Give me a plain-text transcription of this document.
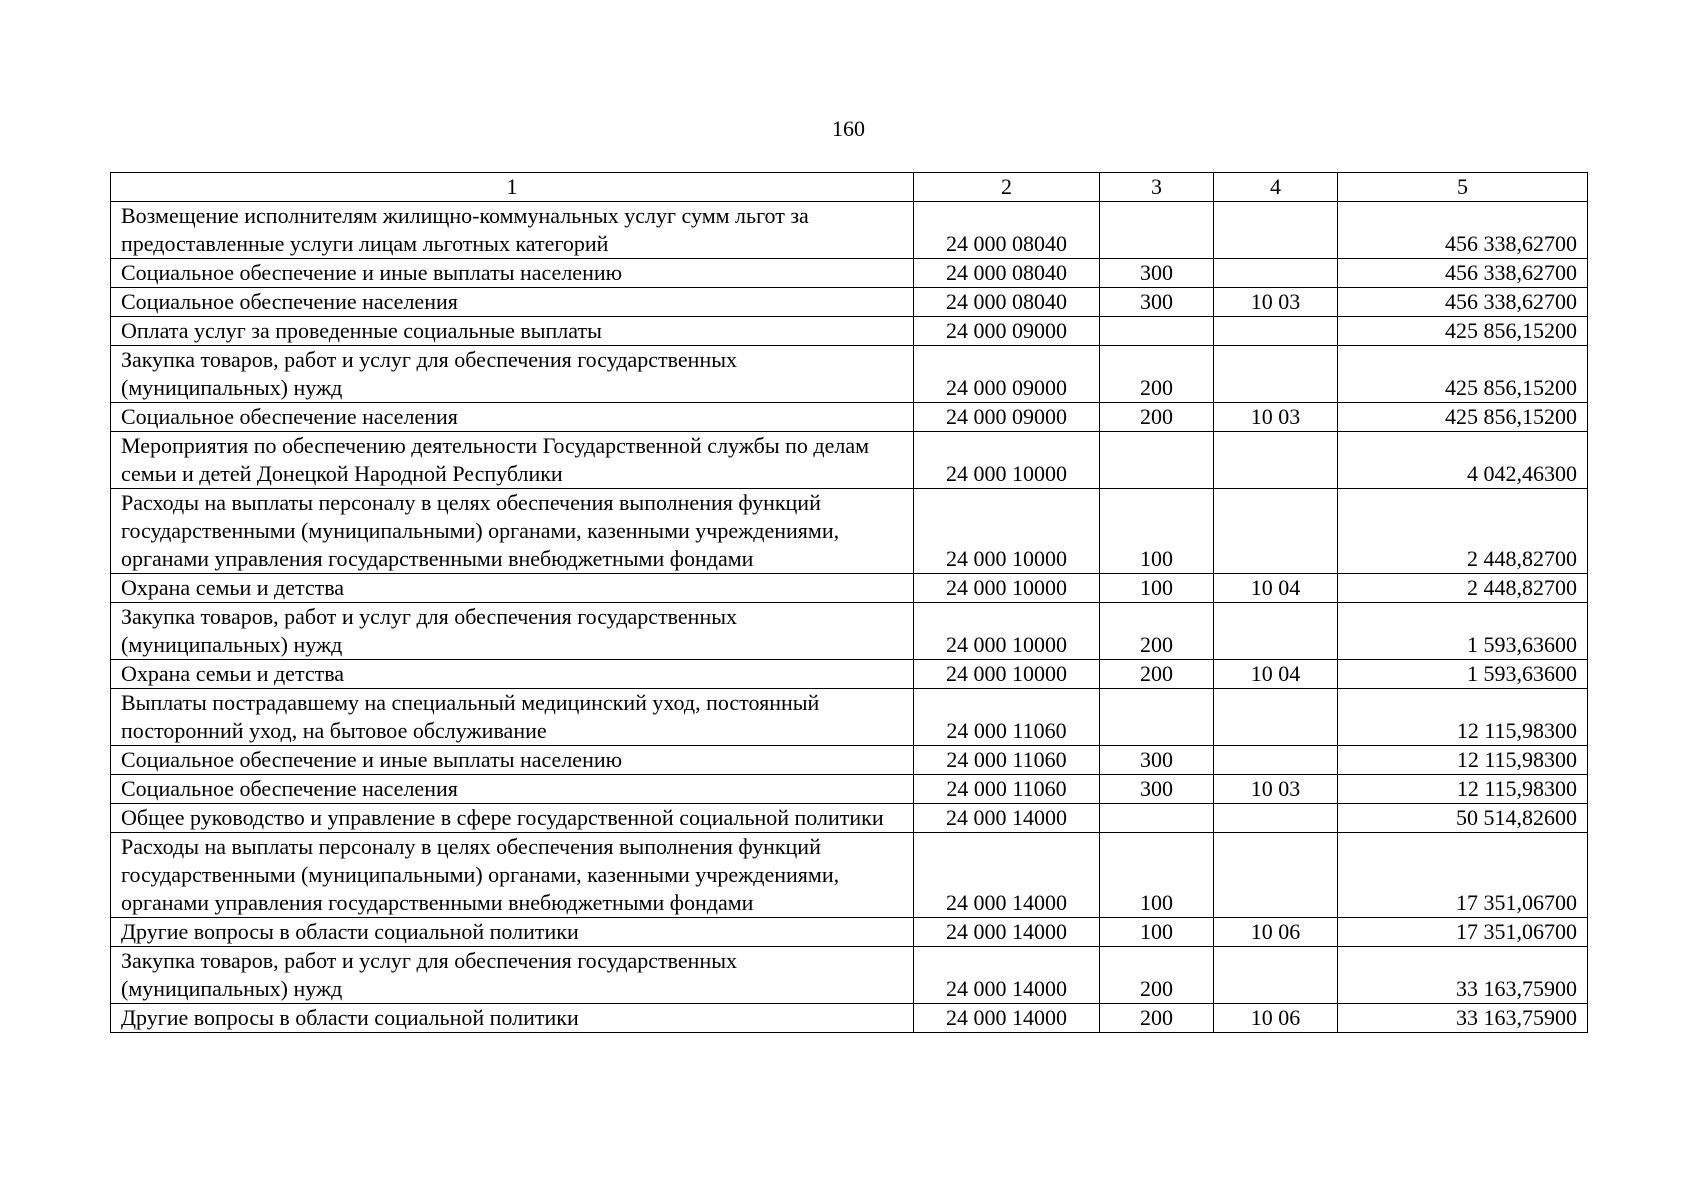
160
1	2	3	4	5
Возмещение исполнителям жилищно-коммунальных услуг сумм льгот за предоставленные услуги лицам льготных категорий	24 000 08040			456 338,62700
Социальное обеспечение и иные выплаты населению	24 000 08040	300		456 338,62700
Социальное обеспечение населения	24 000 08040	300	10 03	456 338,62700
Оплата услуг за проведенные социальные выплаты	24 000 09000			425 856,15200
Закупка товаров, работ и услуг для обеспечения государственных (муниципальных) нужд	24 000 09000	200		425 856,15200
Социальное обеспечение населения	24 000 09000	200	10 03	425 856,15200
Мероприятия по обеспечению деятельности Государственной службы по делам семьи и детей Донецкой Народной Республики	24 000 10000			4 042,46300
Расходы на выплаты персоналу в целях обеспечения выполнения функций государственными (муниципальными) органами, казенными учреждениями, органами управления государственными внебюджетными фондами	24 000 10000	100		2 448,82700
Охрана семьи и детства	24 000 10000	100	10 04	2 448,82700
Закупка товаров, работ и услуг для обеспечения государственных (муниципальных) нужд	24 000 10000	200		1 593,63600
Охрана семьи и детства	24 000 10000	200	10 04	1 593,63600
Выплаты пострадавшему на специальный медицинский уход, постоянный посторонний уход, на бытовое обслуживание	24 000 11060			12 115,98300
Социальное обеспечение и иные выплаты населению	24 000 11060	300		12 115,98300
Социальное обеспечение населения	24 000 11060	300	10 03	12 115,98300
Общее руководство и управление в сфере государственной социальной политики	24 000 14000			50 514,82600
Расходы на выплаты персоналу в целях обеспечения выполнения функций государственными (муниципальными) органами, казенными учреждениями, органами управления государственными внебюджетными фондами	24 000 14000	100		17 351,06700
Другие вопросы в области социальной политики	24 000 14000	100	10 06	17 351,06700
Закупка товаров, работ и услуг для обеспечения государственных (муниципальных) нужд	24 000 14000	200		33 163,75900
Другие вопросы в области социальной политики	24 000 14000	200	10 06	33 163,75900
